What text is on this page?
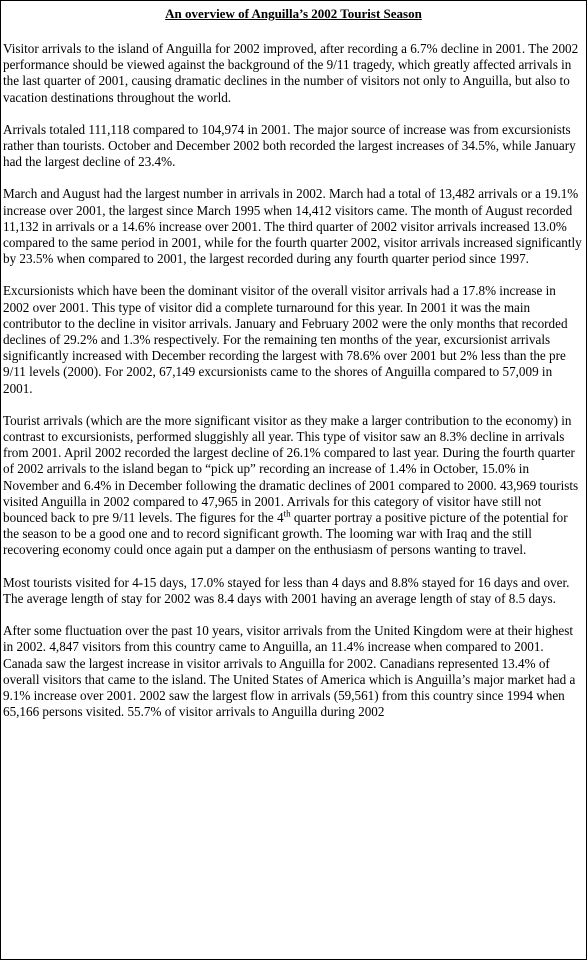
An overview of Anguilla’s 2002 Tourist Season

Visitor arrivals to the island of Anguilla for 2002 improved, after recording a 6.7% decline in 2001. The 2002 performance should be viewed against the background of the 9/11 tragedy, which greatly affected arrivals in the last quarter of 2001, causing dramatic declines in the number of visitors not only to Anguilla, but also to vacation destinations throughout the world.

Arrivals totaled 111,118 compared to 104,974 in 2001. The major source of increase was from excursionists rather than tourists. October and December 2002 both recorded the largest increases of 34.5%, while January had the largest decline of 23.4%.

March and August had the largest number in arrivals in 2002. March had a total of 13,482 arrivals or a 19.1% increase over 2001, the largest since March 1995 when 14,412 visitors came. The month of August recorded 11,132 in arrivals or a 14.6% increase over 2001. The third quarter of 2002 visitor arrivals increased 13.0% compared to the same period in 2001, while for the fourth quarter 2002, visitor arrivals increased significantly by 23.5% when compared to 2001, the largest recorded during any fourth quarter period since 1997.

Excursionists which have been the dominant visitor of the overall visitor arrivals had a 17.8% increase in 2002 over 2001. This type of visitor did a complete turnaround for this year. In 2001 it was the main contributor to the decline in visitor arrivals. January and February 2002 were the only months that recorded declines of 29.2% and 1.3% respectively. For the remaining ten months of the year, excursionist arrivals significantly increased with December recording the largest with 78.6% over 2001 but 2% less than the pre 9/11 levels (2000). For 2002, 67,149 excursionists came to the shores of Anguilla compared to 57,009 in 2001.

Tourist arrivals (which are the more significant visitor as they make a larger contribution to the economy) in contrast to excursionists, performed sluggishly all year. This type of visitor saw an 8.3% decline in arrivals from 2001. April 2002 recorded the largest decline of 26.1% compared to last year. During the fourth quarter of 2002 arrivals to the island began to “pick up” recording an increase of 1.4% in October, 15.0% in November and 6.4% in December following the dramatic declines of 2001 compared to 2000. 43,969 tourists visited Anguilla in 2002 compared to 47,965 in 2001. Arrivals for this category of visitor have still not bounced back to pre 9/11 levels. The figures for the 4th quarter portray a positive picture of the potential for the season to be a good one and to record significant growth. The looming war with Iraq and the still recovering economy could once again put a damper on the enthusiasm of persons wanting to travel.

Most tourists visited for 4-15 days, 17.0% stayed for less than 4 days and 8.8% stayed for 16 days and over. The average length of stay for 2002 was 8.4 days with 2001 having an average length of stay of 8.5 days.

After some fluctuation over the past 10 years, visitor arrivals from the United Kingdom were at their highest in 2002. 4,847 visitors from this country came to Anguilla, an 11.4% increase when compared to 2001. Canada saw the largest increase in visitor arrivals to Anguilla for 2002. Canadians represented 13.4% of overall visitors that came to the island. The United States of America which is Anguilla’s major market had a 9.1% increase over 2001. 2002 saw the largest flow in arrivals (59,561) from this country since 1994 when 65,166 persons visited. 55.7% of visitor arrivals to Anguilla during 2002
